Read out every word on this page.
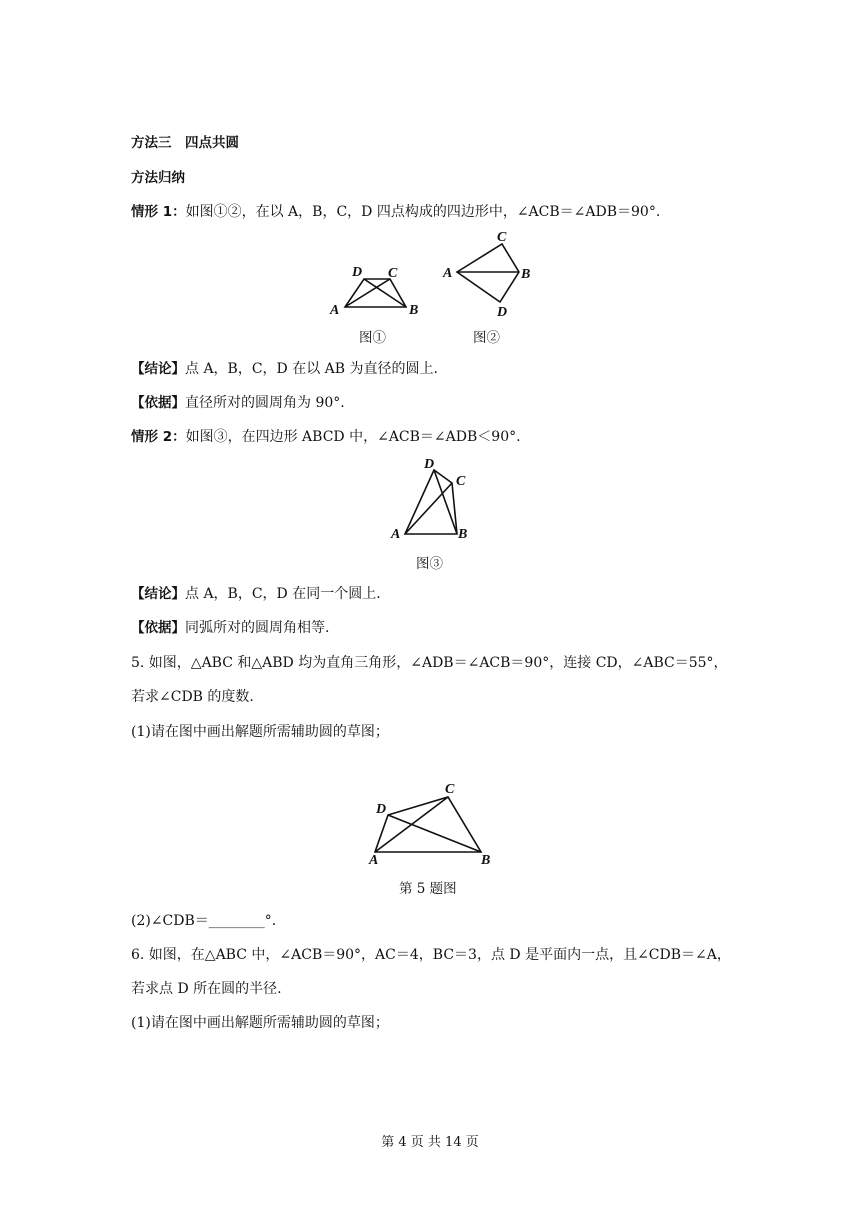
方法三　四点共圆
方法归纳
情形 1：如图①②，在以 A，B，C，D 四点构成的四边形中，∠ACB＝∠ADB＝90°.
D C
A	B
图①
C
A	B
D
图②
【结论】点 A，B，C，D 在以 AB 为直径的圆上.
【依据】直径所对的圆周角为 90°.
情形 2：如图③，在四边形 ABCD 中，∠ACB＝∠ADB＜90°.
D
C
A	B
图③
【结论】点 A，B，C，D 在同一个圆上.
【依据】同弧所对的圆周角相等.
5. 如图，△ABC 和△ABD 均为直角三角形，∠ADB＝∠ACB＝90°，连接 CD，∠ABC＝55°，
若求∠CDB 的度数.
(1)请在图中画出解题所需辅助圆的草图；
C
D
A	B
第 5 题图
(2)∠CDB＝________°.
6. 如图，在△ABC 中，∠ACB＝90°，AC＝4，BC＝3，点 D 是平面内一点，且∠CDB＝∠A，
若求点 D 所在圆的半径.
(1)请在图中画出解题所需辅助圆的草图；
第 4 页 共 14 页
